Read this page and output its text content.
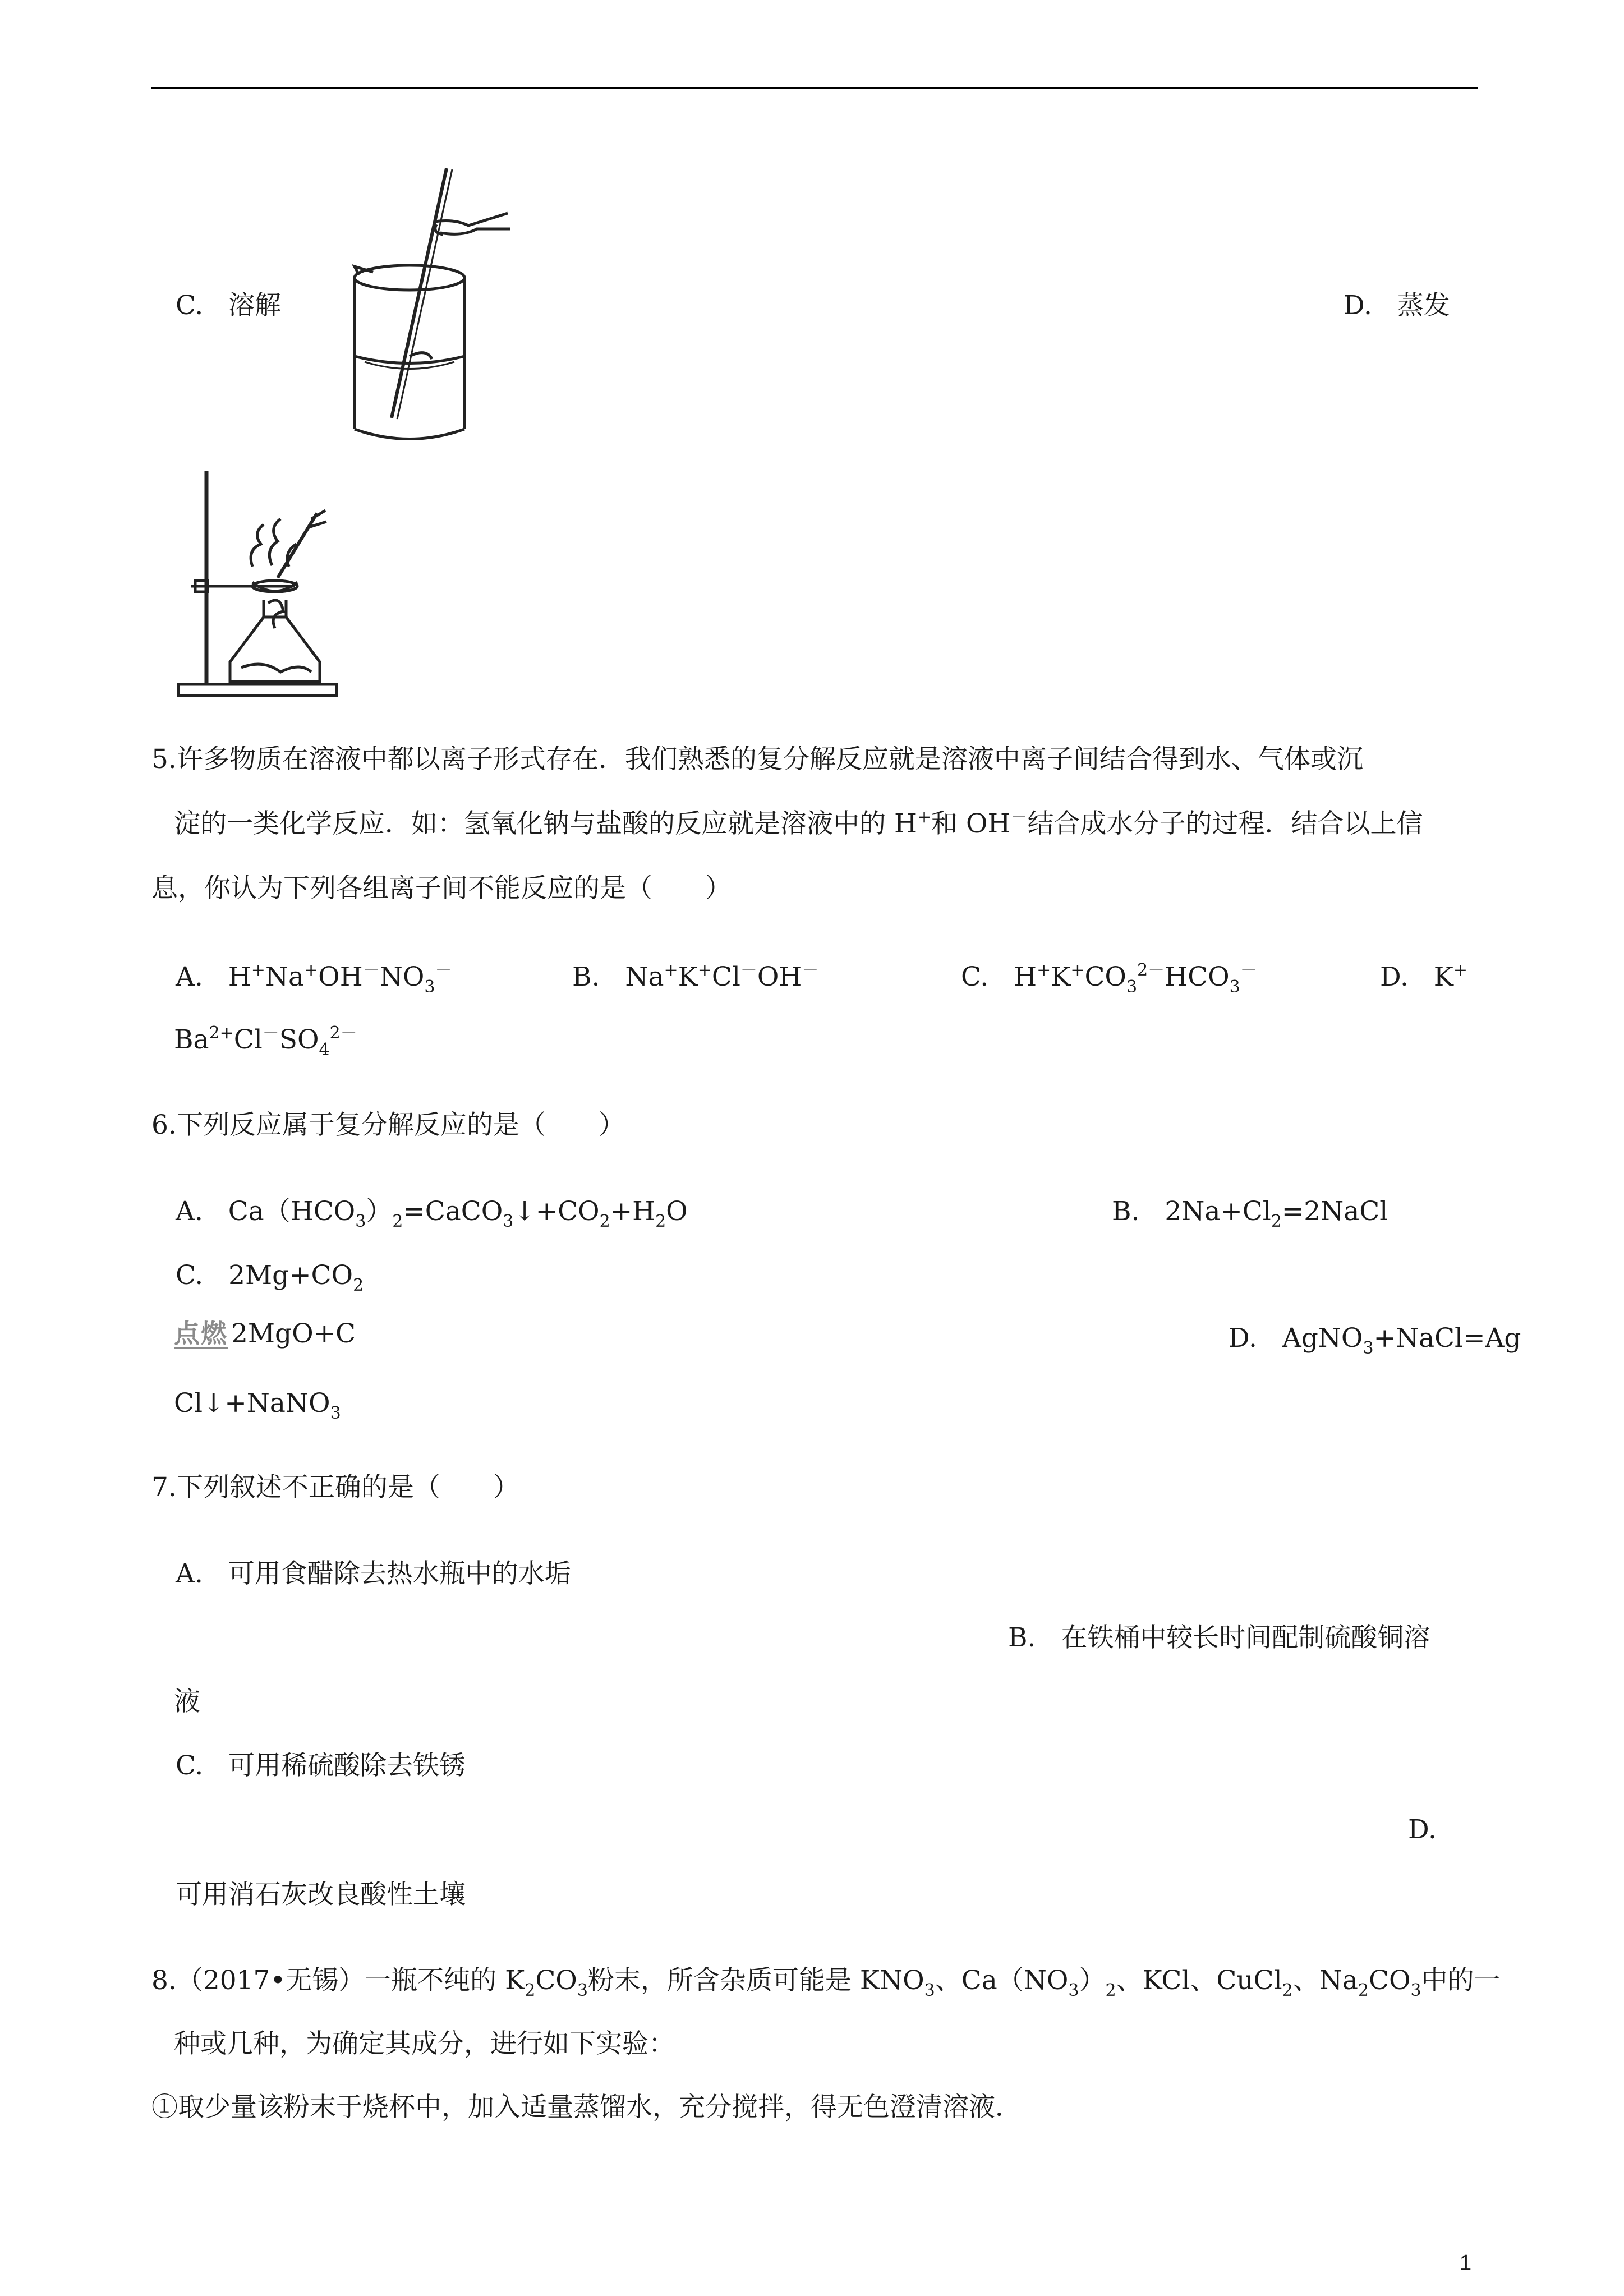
C.   溶解	D.   蒸发
5.许多物质在溶液中都以离子形式存在．我们熟悉的复分解反应就是溶液中离子间结合得到水、气体或沉
淀的一类化学反应．如：氢氧化钠与盐酸的反应就是溶液中的 H+和 OH－结合成水分子的过程．结合以上信
息，你认为下列各组离子间不能反应的是（　　）
A. $H^+Na^+OH^-NO_3^-$	B. Na+K+Cl－OH－	C. $H^+K^+CO_3^{2-}HCO_3^-$	D. K+
$Ba^{2+}Cl^-SO_4^{2-}$
6.下列反应属于复分解反应的是（　　）
A. $Ca(HCO_3)_2=CaCO_3↓+CO_2+H_2O$	B. $2Na+Cl_2=2NaCl$
C. $2Mg+CO_2$
点燃 2MgO+C	D. AgNO$_3$+NaCl=Ag
Cl↓+NaNO$_3$
7.下列叙述不正确的是（　　）
A.   可用食醋除去热水瓶中的水垢
B.   在铁桶中较长时间配制硫酸铜溶
液
C.   可用稀硫酸除去铁锈
D.
可用消石灰改良酸性土壤
8.（2017•无锡）一瓶不纯的 $K_2CO_3$粉末，所含杂质可能是 $KNO_3$、$Ca(NO_3)_2$、KCl、CuCl$_2$、$Na_2CO_3$中的一
种或几种，为确定其成分，进行如下实验：
①取少量该粉末于烧杯中，加入适量蒸馏水，充分搅拌，得无色澄清溶液．
1
